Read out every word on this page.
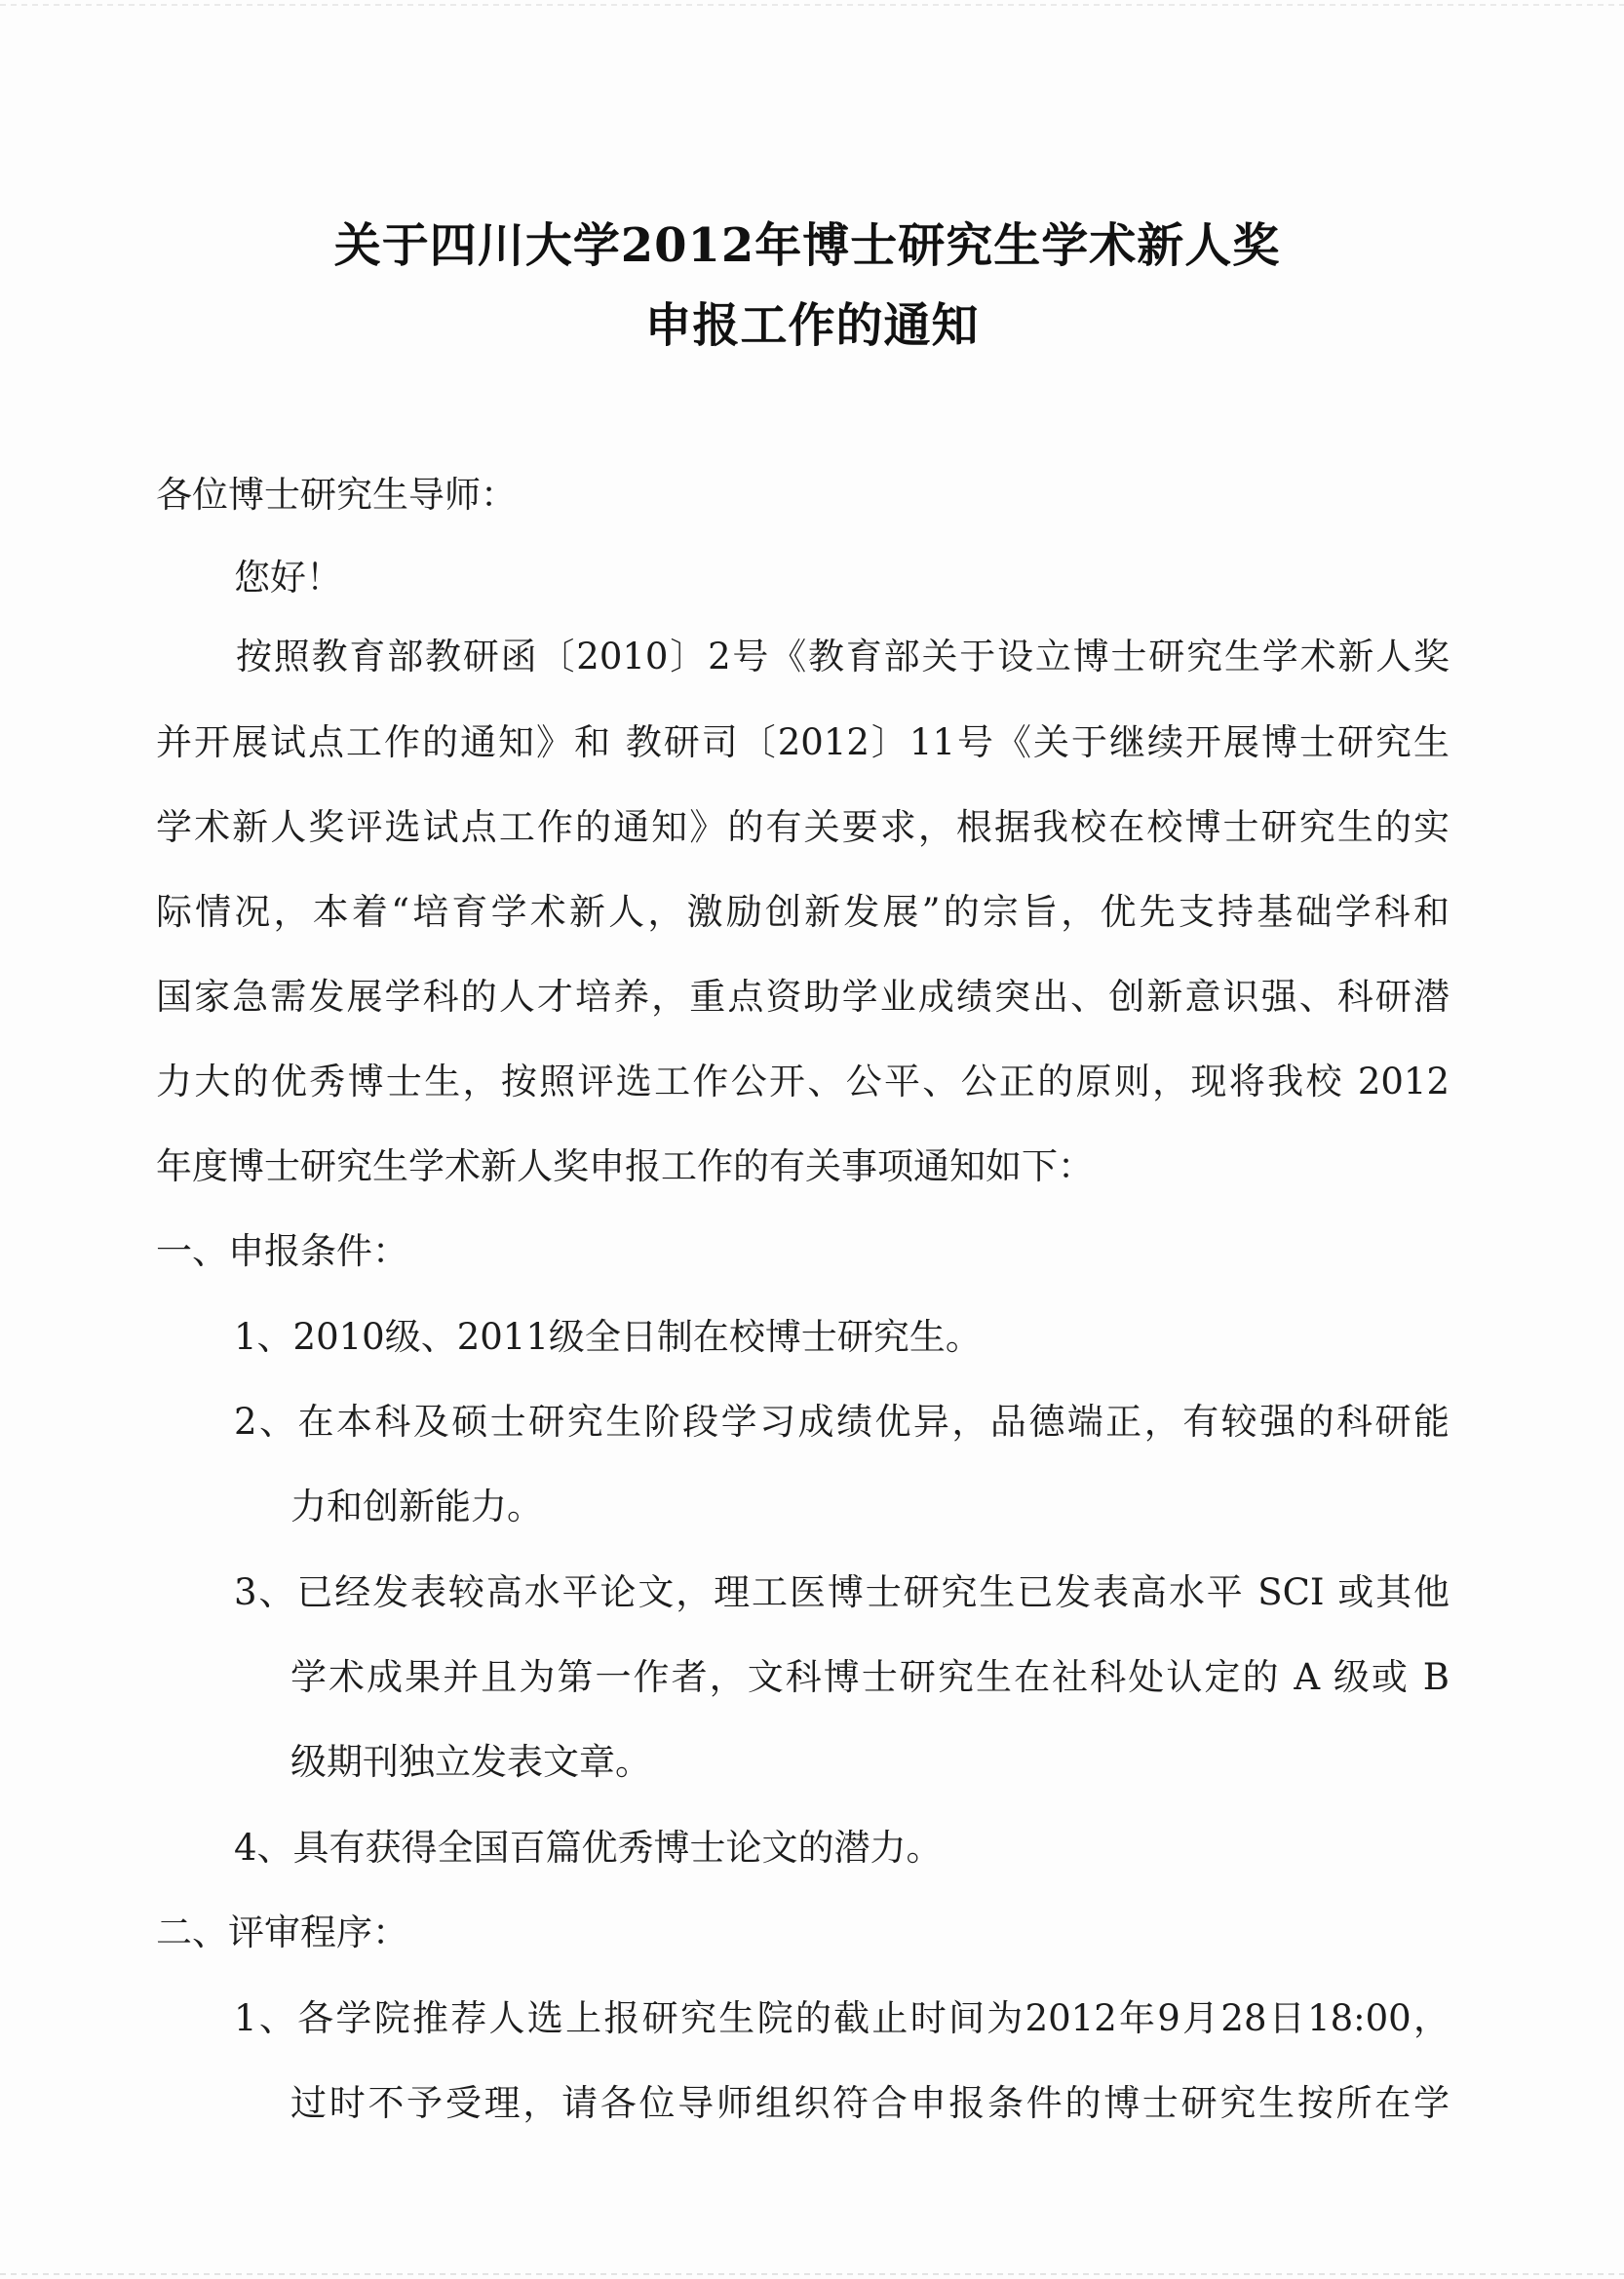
关于四川大学2012年博士研究生学术新人奖
申报工作的通知
各位博士研究生导师：
您好！
按照教育部教研函〔2010〕2号《教育部关于设立博士研究生学术新人奖
并开展试点工作的通知》和 教研司〔2012〕11号《关于继续开展博士研究生
学术新人奖评选试点工作的通知》的有关要求，根据我校在校博士研究生的实
际情况，本着“培育学术新人，激励创新发展”的宗旨，优先支持基础学科和
国家急需发展学科的人才培养，重点资助学业成绩突出、创新意识强、科研潜
力大的优秀博士生，按照评选工作公开、公平、公正的原则，现将我校 2012
年度博士研究生学术新人奖申报工作的有关事项通知如下：
一、申报条件：
1、2010级、2011级全日制在校博士研究生。
2、在本科及硕士研究生阶段学习成绩优异，品德端正，有较强的科研能
力和创新能力。
3、已经发表较高水平论文，理工医博士研究生已发表高水平 SCI 或其他
学术成果并且为第一作者，文科博士研究生在社科处认定的 A 级或 B
级期刊独立发表文章。
4、具有获得全国百篇优秀博士论文的潜力。
二、评审程序：
1、各学院推荐人选上报研究生院的截止时间为2012年9月28日18:00，
过时不予受理，请各位导师组织符合申报条件的博士研究生按所在学
